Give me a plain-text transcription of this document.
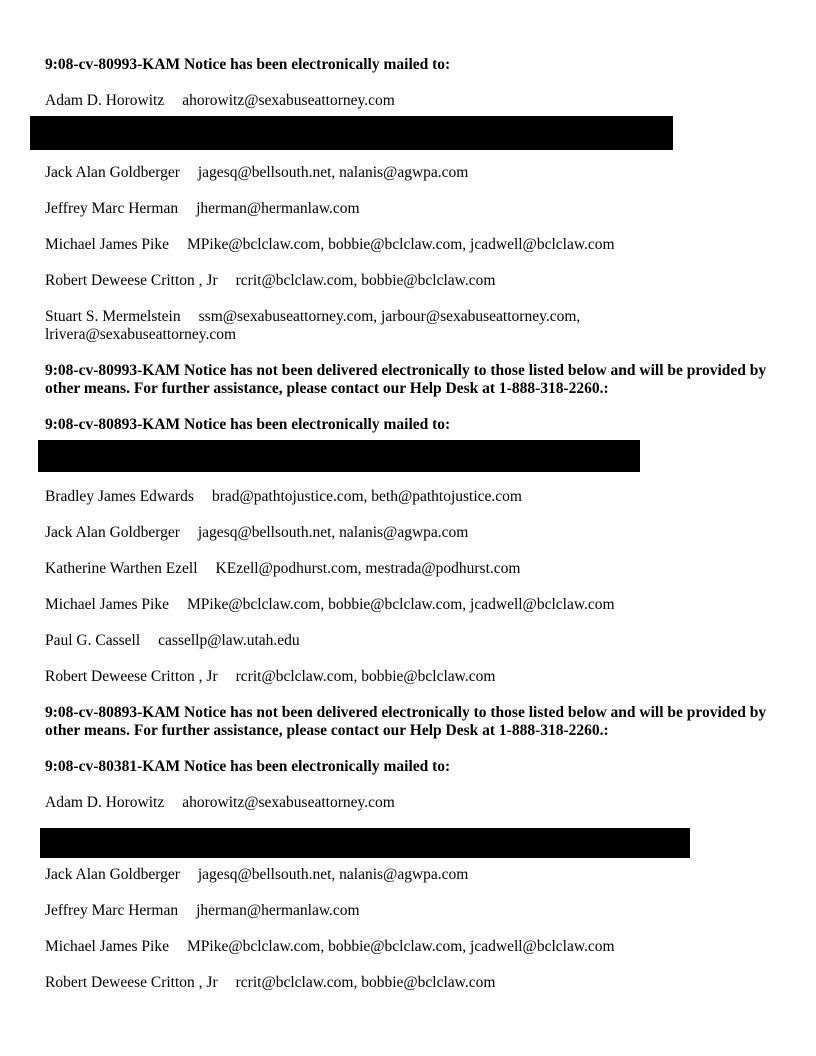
9:08-cv-80993-KAM Notice has been electronically mailed to:
Adam D. Horowitz ahorowitz@sexabuseattorney.com
Jack Alan Goldberger jagesq@bellsouth.net, nalanis@agwpa.com
Jeffrey Marc Herman jherman@hermanlaw.com
Michael James Pike MPike@bclclaw.com, bobbie@bclclaw.com, jcadwell@bclclaw.com
Robert Deweese Critton , Jr rcrit@bclclaw.com, bobbie@bclclaw.com
Stuart S. Mermelstein ssm@sexabuseattorney.com, jarbour@sexabuseattorney.com,
lrivera@sexabuseattorney.com
9:08-cv-80993-KAM Notice has not been delivered electronically to those listed below and will be provided by other means. For further assistance, please contact our Help Desk at 1-888-318-2260.:
9:08-cv-80893-KAM Notice has been electronically mailed to:
Bradley James Edwards brad@pathtojustice.com, beth@pathtojustice.com
Jack Alan Goldberger jagesq@bellsouth.net, nalanis@agwpa.com
Katherine Warthen Ezell KEzell@podhurst.com, mestrada@podhurst.com
Michael James Pike MPike@bclclaw.com, bobbie@bclclaw.com, jcadwell@bclclaw.com
Paul G. Cassell cassellp@law.utah.edu
Robert Deweese Critton , Jr rcrit@bclclaw.com, bobbie@bclclaw.com
9:08-cv-80893-KAM Notice has not been delivered electronically to those listed below and will be provided by other means. For further assistance, please contact our Help Desk at 1-888-318-2260.:
9:08-cv-80381-KAM Notice has been electronically mailed to:
Adam D. Horowitz ahorowitz@sexabuseattorney.com
Jack Alan Goldberger jagesq@bellsouth.net, nalanis@agwpa.com
Jeffrey Marc Herman jherman@hermanlaw.com
Michael James Pike MPike@bclclaw.com, bobbie@bclclaw.com, jcadwell@bclclaw.com
Robert Deweese Critton , Jr rcrit@bclclaw.com, bobbie@bclclaw.com
